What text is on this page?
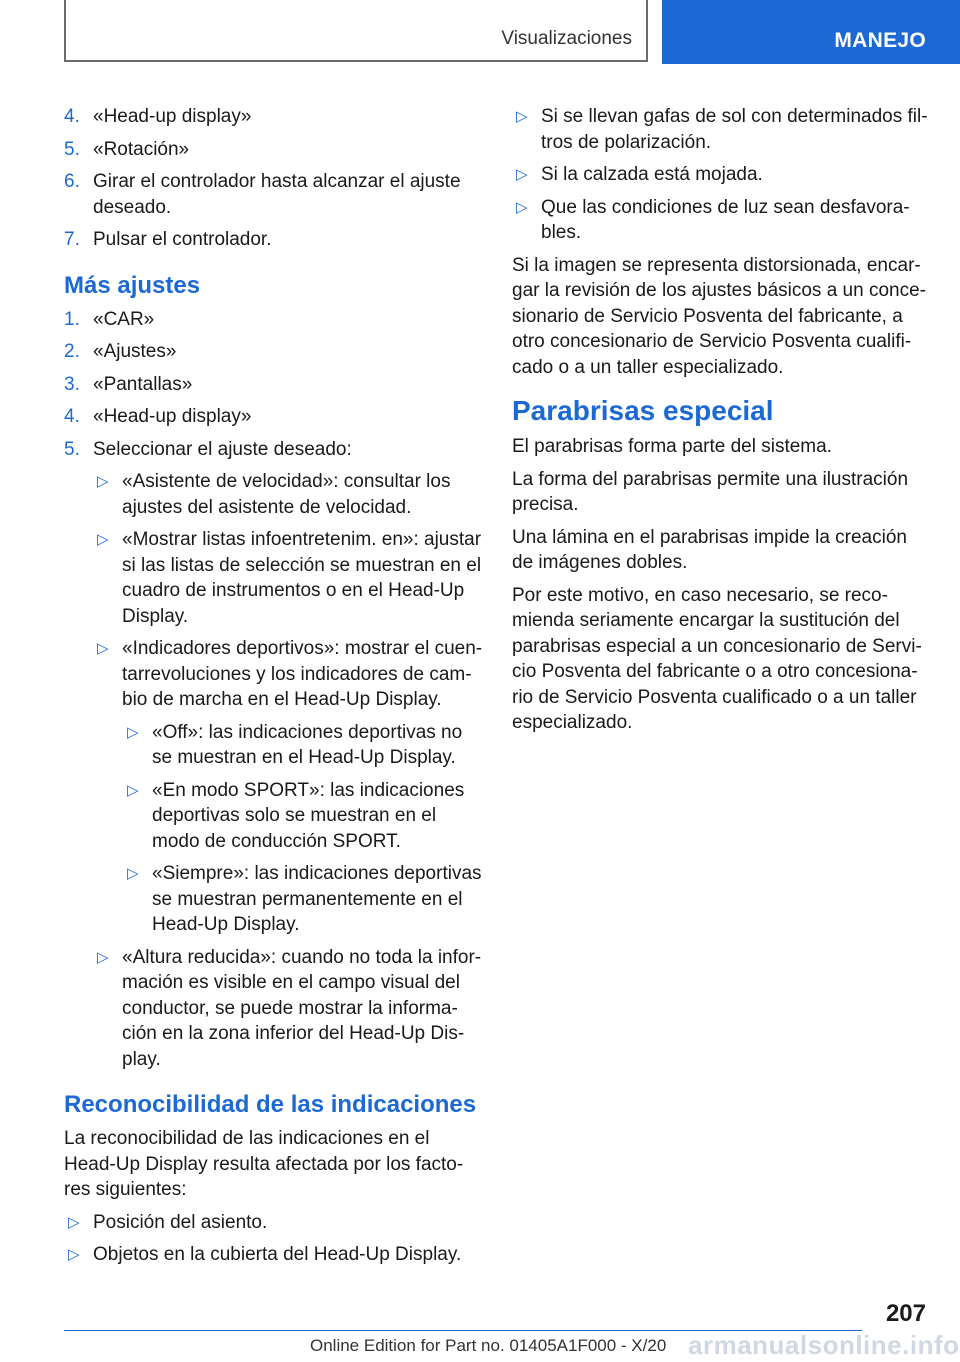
Visualizaciones	MANEJO
4. «Head-up display»
5. «Rotación»
6. Girar el controlador hasta alcanzar el ajuste deseado.
7. Pulsar el controlador.
Más ajustes
1. «CAR»
2. «Ajustes»
3. «Pantallas»
4. «Head-up display»
5. Seleccionar el ajuste deseado:
▷ «Asistente de velocidad»: consultar los ajustes del asistente de velocidad.
▷ «Mostrar listas infoentretenim. en»: ajustar si las listas de selección se muestran en el cuadro de instrumentos o en el Head-Up Display.
▷ «Indicadores deportivos»: mostrar el cuen-tarrevoluciones y los indicadores de cam-bio de marcha en el Head-Up Display.
▷ «Off»: las indicaciones deportivas no se muestran en el Head-Up Display.
▷ «En modo SPORT»: las indicaciones deportivas solo se muestran en el modo de conducción SPORT.
▷ «Siempre»: las indicaciones deportivas se muestran permanentemente en el Head-Up Display.
▷ «Altura reducida»: cuando no toda la infor-mación es visible en el campo visual del conductor, se puede mostrar la informa-ción en la zona inferior del Head-Up Dis-play.
Reconocibilidad de las indicaciones

La reconocibilidad de las indicaciones en el Head-Up Display resulta afectada por los facto-res siguientes:

▷ Posición del asiento.
▷ Objetos en la cubierta del Head-Up Display.
▷ Si se llevan gafas de sol con determinados fil-tros de polarización.
▷ Si la calzada está mojada.
▷ Que las condiciones de luz sean desfavora-bles.

Si la imagen se representa distorsionada, encar-gar la revisión de los ajustes básicos a un conce-sionario de Servicio Posventa del fabricante, a otro concesionario de Servicio Posventa cualifi-cado o a un taller especializado.

Parabrisas especial

El parabrisas forma parte del sistema.

La forma del parabrisas permite una ilustración precisa.

Una lámina en el parabrisas impide la creación de imágenes dobles.

Por este motivo, en caso necesario, se reco-mienda seriamente encargar la sustitución del parabrisas especial a un concesionario de Servi-cio Posventa del fabricante o a otro concesiona-rio de Servicio Posventa cualificado o a un taller especializado.

207
Online Edition for Part no. 01405A1F000 - X/20 armanualsonline.info
